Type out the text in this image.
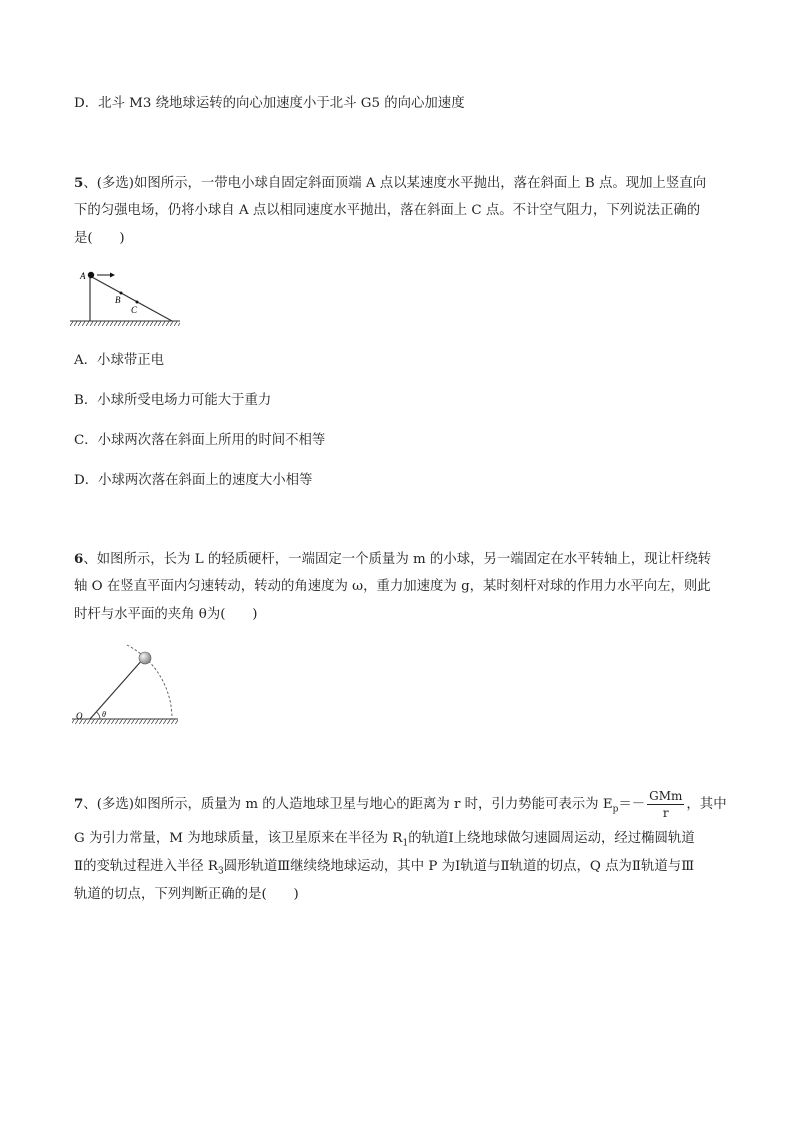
D．北斗 M3 绕地球运转的向心加速度小于北斗 G5 的向心加速度
5、(多选)如图所示，一带电小球自固定斜面顶端 A 点以某速度水平抛出，落在斜面上 B 点。现加上竖直向
下的匀强电场，仍将小球自 A 点以相同速度水平抛出，落在斜面上 C 点。不计空气阻力，下列说法正确的
是(　　)
A
B
C
A．小球带正电
B．小球所受电场力可能大于重力
C．小球两次落在斜面上所用的时间不相等
D．小球两次落在斜面上的速度大小相等
6、如图所示，长为 L 的轻质硬杆，一端固定一个质量为 m 的小球，另一端固定在水平转轴上，现让杆绕转
轴 O 在竖直平面内匀速转动，转动的角速度为 ω，重力加速度为 g，某时刻杆对球的作用力水平向左，则此
时杆与水平面的夹角 θ为(　　)
O θ
7、(多选)如图所示，质量为 m 的人造地球卫星与地心的距离为 r 时，引力势能可表示为 $E_p=- \frac{\text{GMm}}{r}$ ，其中
G 为引力常量，M 为地球质量，该卫星原来在半径为 $R_1$的轨道Ⅰ上绕地球做匀速圆周运动，经过椭圆轨道
Ⅱ的变轨过程进入半径 $R_3$圆形轨道Ⅲ继续绕地球运动，其中 P 为Ⅰ轨道与Ⅱ轨道的切点，Q 点为Ⅱ轨道与Ⅲ
轨道的切点，下列判断正确的是(　　)
